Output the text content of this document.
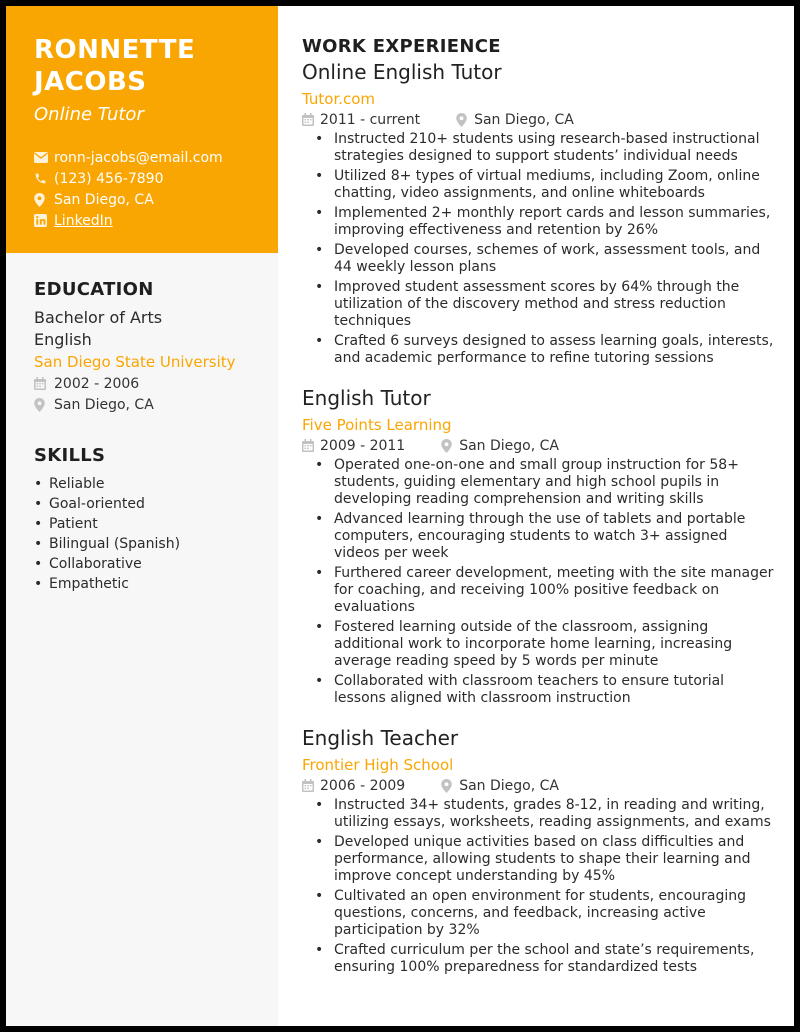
RONNETTE
JACOBS
Online Tutor
ronn-jacobs@email.com
(123) 456-7890
San Diego, CA
LinkedIn
EDUCATION
Bachelor of Arts
English
San Diego State University
2002 - 2006
San Diego, CA
SKILLS
• Reliable
• Goal-oriented
• Patient
• Bilingual (Spanish)
• Collaborative
• Empathetic
WORK EXPERIENCE
Online English Tutor
Tutor.com
2011 - current	San Diego, CA
• Instructed 210+ students using research-based instructional strategies designed to support students’ individual needs
• Utilized 8+ types of virtual mediums, including Zoom, online chatting, video assignments, and online whiteboards
• Implemented 2+ monthly report cards and lesson summaries, improving effectiveness and retention by 26%
• Developed courses, schemes of work, assessment tools, and 44 weekly lesson plans
• Improved student assessment scores by 64% through the utilization of the discovery method and stress reduction techniques
• Crafted 6 surveys designed to assess learning goals, interests, and academic performance to refine tutoring sessions
English Tutor
Five Points Learning
2009 - 2011	San Diego, CA
• Operated one-on-one and small group instruction for 58+ students, guiding elementary and high school pupils in developing reading comprehension and writing skills
• Advanced learning through the use of tablets and portable computers, encouraging students to watch 3+ assigned videos per week
• Furthered career development, meeting with the site manager for coaching, and receiving 100% positive feedback on evaluations
• Fostered learning outside of the classroom, assigning additional work to incorporate home learning, increasing average reading speed by 5 words per minute
• Collaborated with classroom teachers to ensure tutorial lessons aligned with classroom instruction
English Teacher
Frontier High School
2006 - 2009	San Diego, CA
• Instructed 34+ students, grades 8-12, in reading and writing, utilizing essays, worksheets, reading assignments, and exams
• Developed unique activities based on class difficulties and performance, allowing students to shape their learning and improve concept understanding by 45%
• Cultivated an open environment for students, encouraging questions, concerns, and feedback, increasing active participation by 32%
• Crafted curriculum per the school and state’s requirements, ensuring 100% preparedness for standardized tests
